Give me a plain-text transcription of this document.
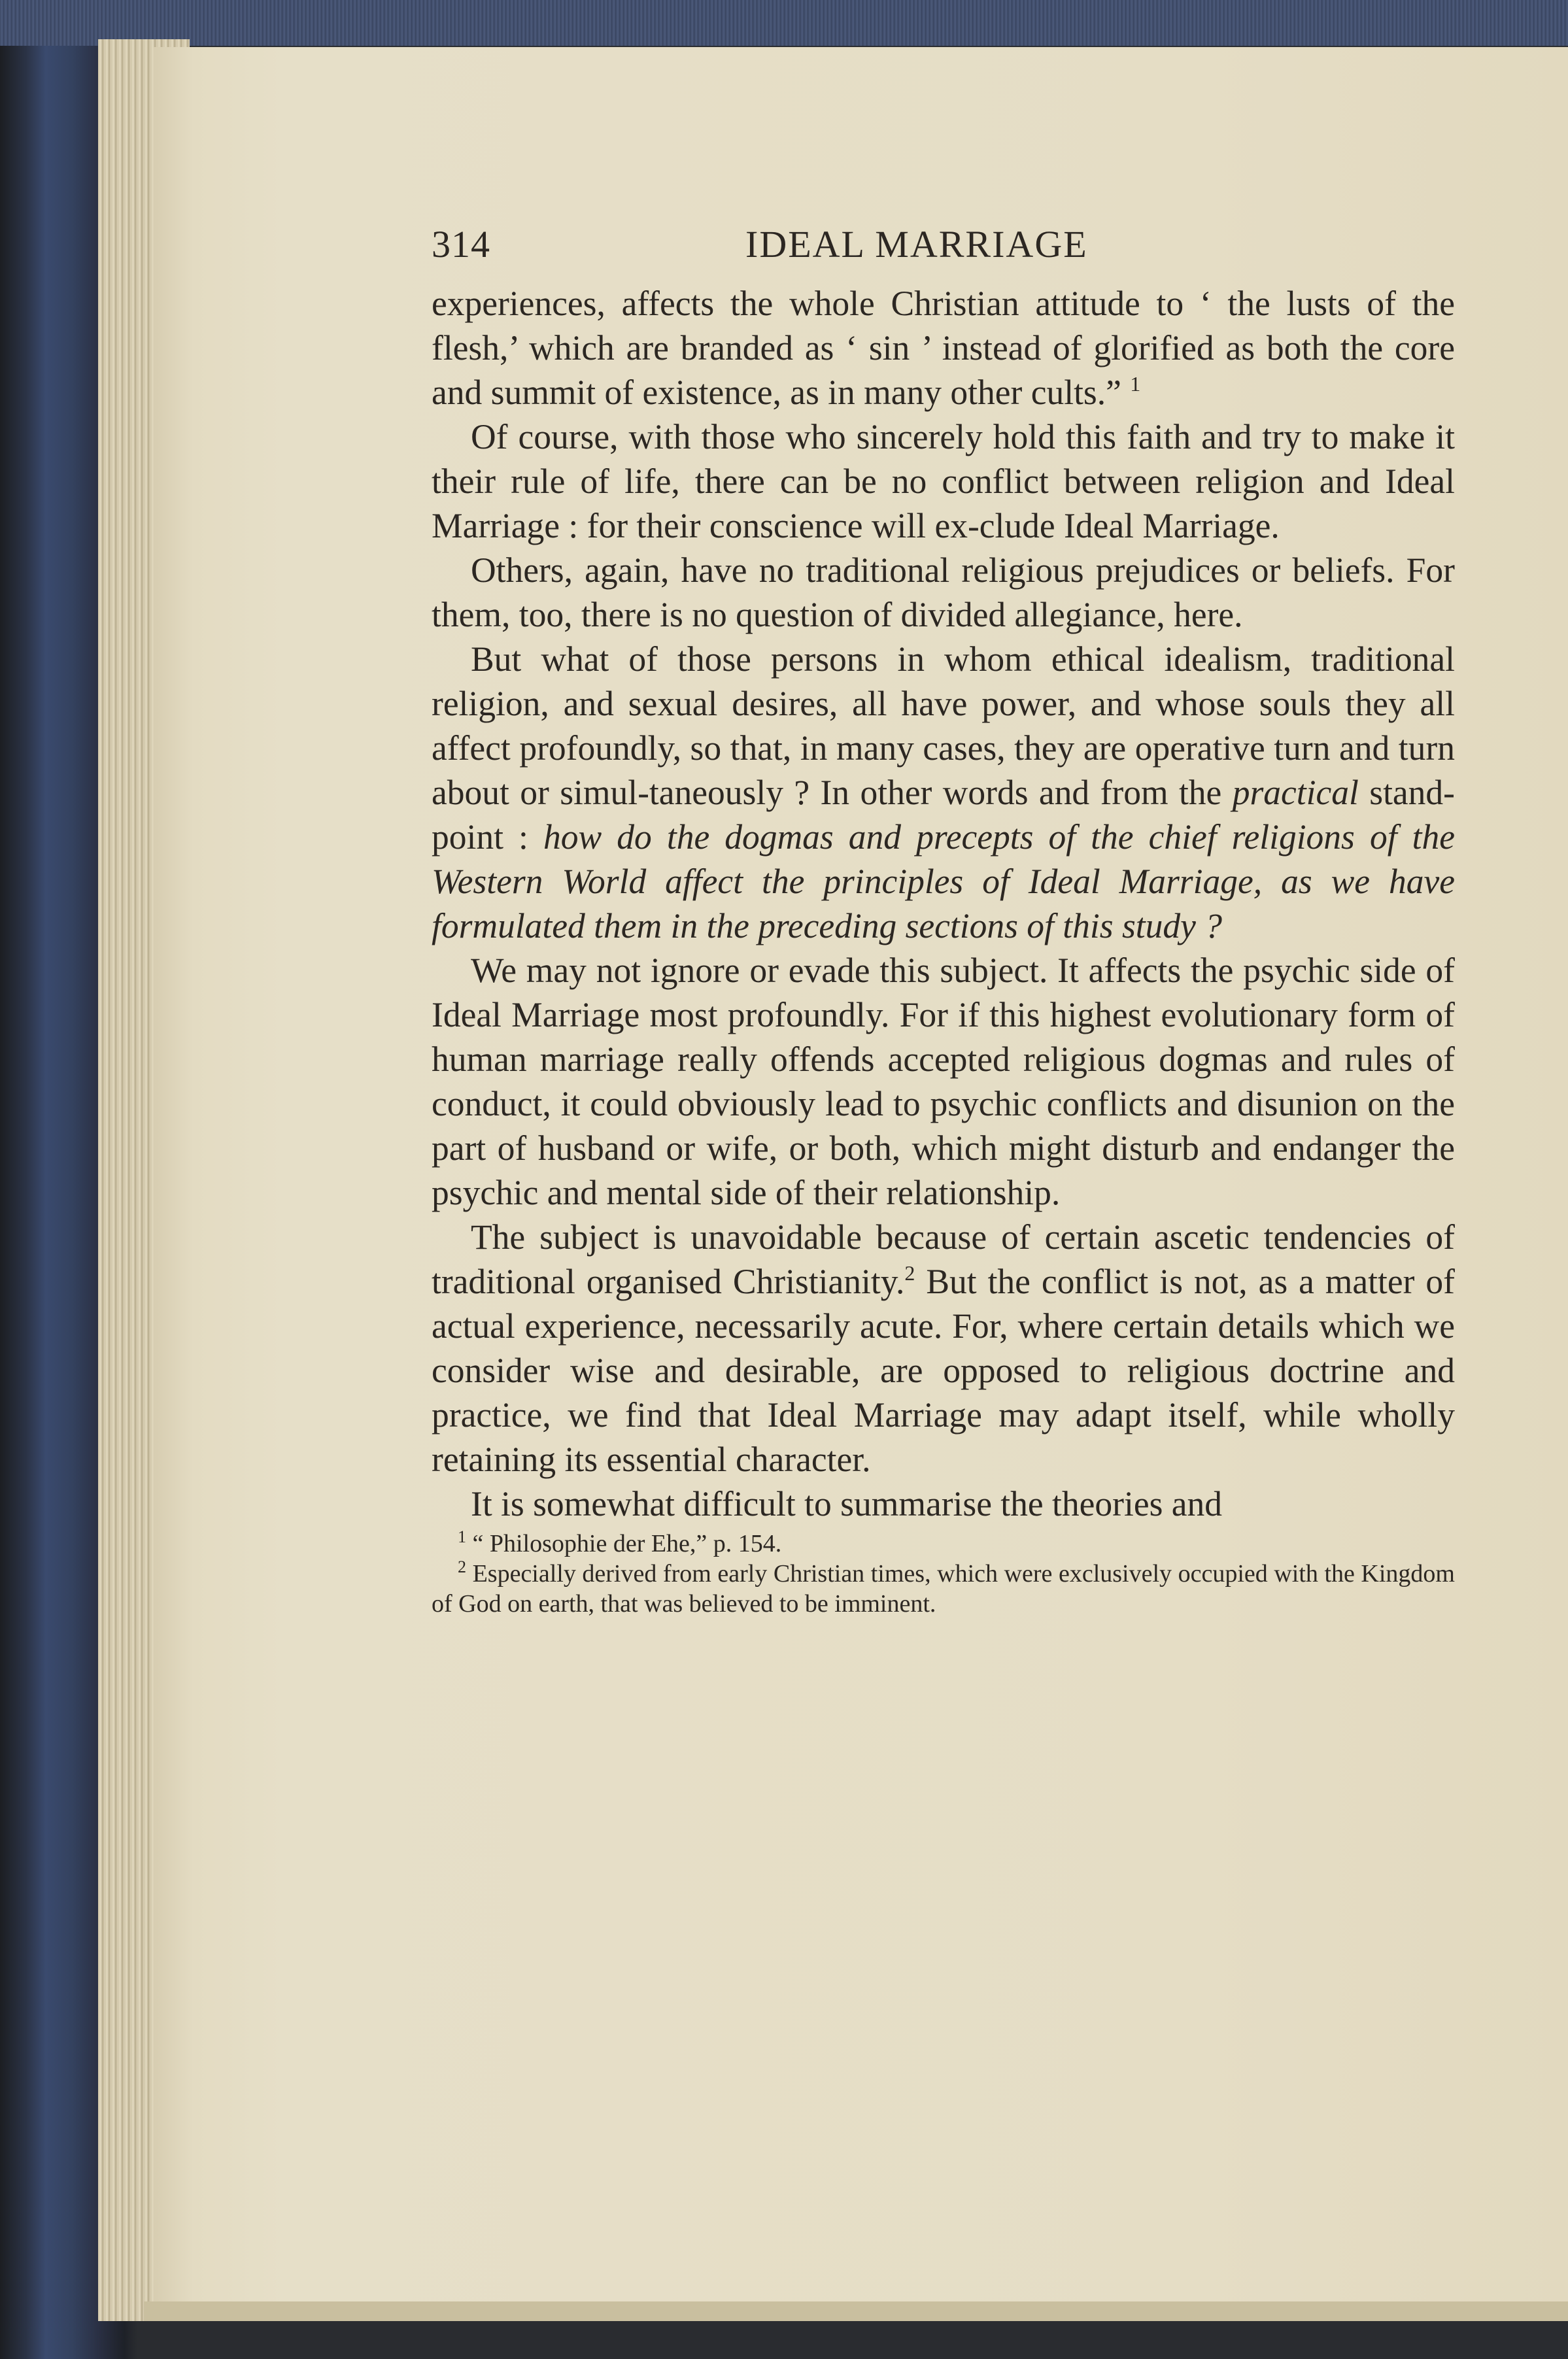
314	IDEAL MARRIAGE

experiences, affects the whole Christian attitude to ‘ the lusts of the flesh,’ which are branded as ‘ sin ’ instead of glorified as both the core and summit of existence, as in many other cults.” $^1$

Of course, with those who sincerely hold this faith and try to make it their rule of life, there can be no conflict between religion and Ideal Marriage : for their conscience will ex-clude Ideal Marriage.

Others, again, have no traditional religious prejudices or beliefs. For them, too, there is no question of divided allegiance, here.

But what of those persons in whom ethical idealism, traditional religion, and sexual desires, all have power, and whose souls they all affect profoundly, so that, in many cases, they are operative turn and turn about or simul-taneously ? In other words and from the practical stand-point : how do the dogmas and precepts of the chief religions of the Western World affect the principles of Ideal Marriage, as we have formulated them in the preceding sections of this study ?

We may not ignore or evade this subject. It affects the psychic side of Ideal Marriage most profoundly. For if this highest evolutionary form of human marriage really offends accepted religious dogmas and rules of conduct, it could obviously lead to psychic conflicts and disunion on the part of husband or wife, or both, which might disturb and endanger the psychic and mental side of their relationship.

The subject is unavoidable because of certain ascetic tendencies of traditional organised Christianity.$^2$ But the conflict is not, as a matter of actual experience, necessarily acute. For, where certain details which we consider wise and desirable, are opposed to religious doctrine and practice, we find that Ideal Marriage may adapt itself, while wholly retaining its essential character.

It is somewhat difficult to summarise the theories and

$^1$ “ Philosophie der Ehe,” p. 154.

$^2$ Especially derived from early Christian times, which were exclusively occupied with the Kingdom of God on earth, that was believed to be imminent.
